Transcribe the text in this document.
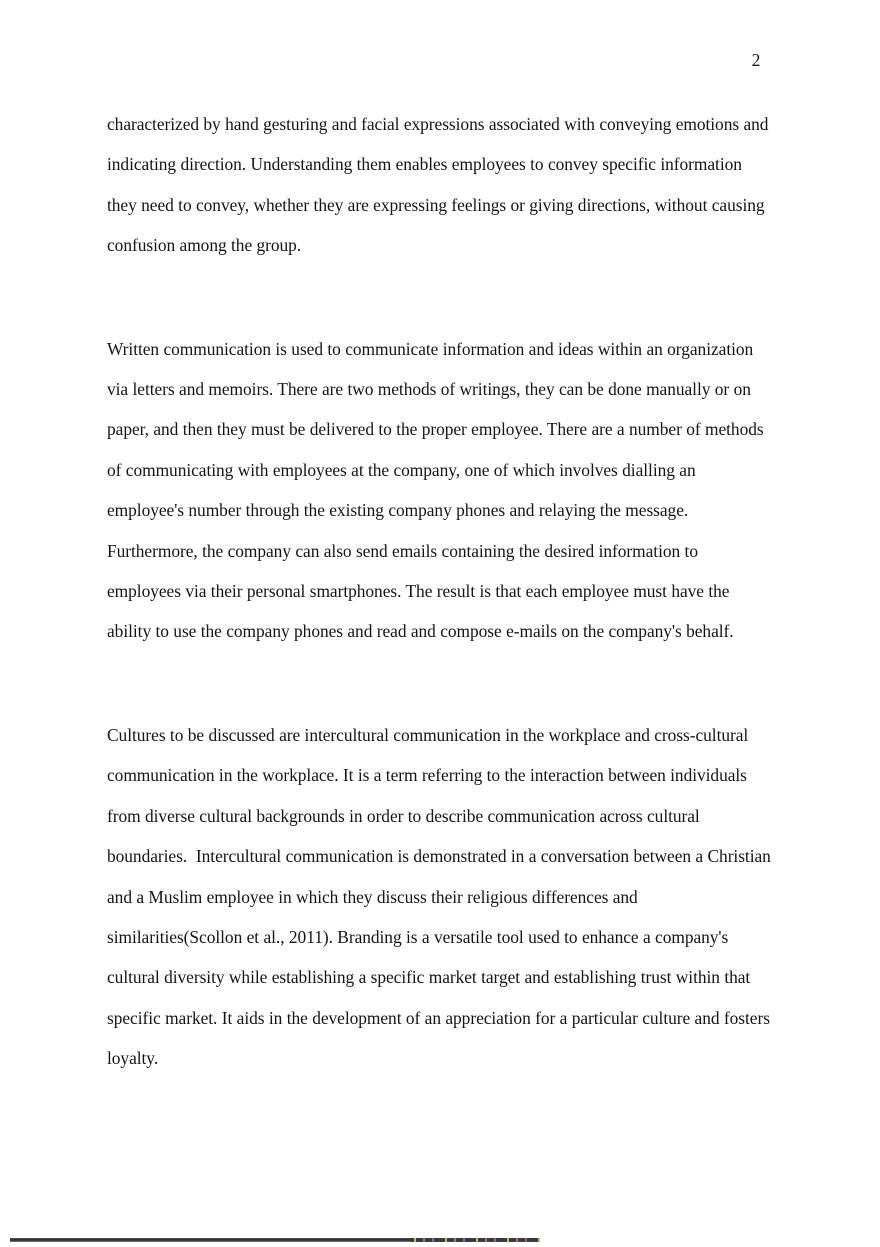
2

characterized by hand gesturing and facial expressions associated with conveying emotions and indicating direction. Understanding them enables employees to convey specific information they need to convey, whether they are expressing feelings or giving directions, without causing confusion among the group.

Written communication is used to communicate information and ideas within an organization via letters and memoirs. There are two methods of writings, they can be done manually or on paper, and then they must be delivered to the proper employee. There are a number of methods of communicating with employees at the company, one of which involves dialling an employee's number through the existing company phones and relaying the message. Furthermore, the company can also send emails containing the desired information to employees via their personal smartphones. The result is that each employee must have the ability to use the company phones and read and compose e-mails on the company's behalf.

Cultures to be discussed are intercultural communication in the workplace and cross-cultural communication in the workplace. It is a term referring to the interaction between individuals from diverse cultural backgrounds in order to describe communication across cultural boundaries.  Intercultural communication is demonstrated in a conversation between a Christian and a Muslim employee in which they discuss their religious differences and similarities(Scollon et al., 2011). Branding is a versatile tool used to enhance a company's cultural diversity while establishing a specific market target and establishing trust within that specific market. It aids in the development of an appreciation for a particular culture and fosters loyalty.
